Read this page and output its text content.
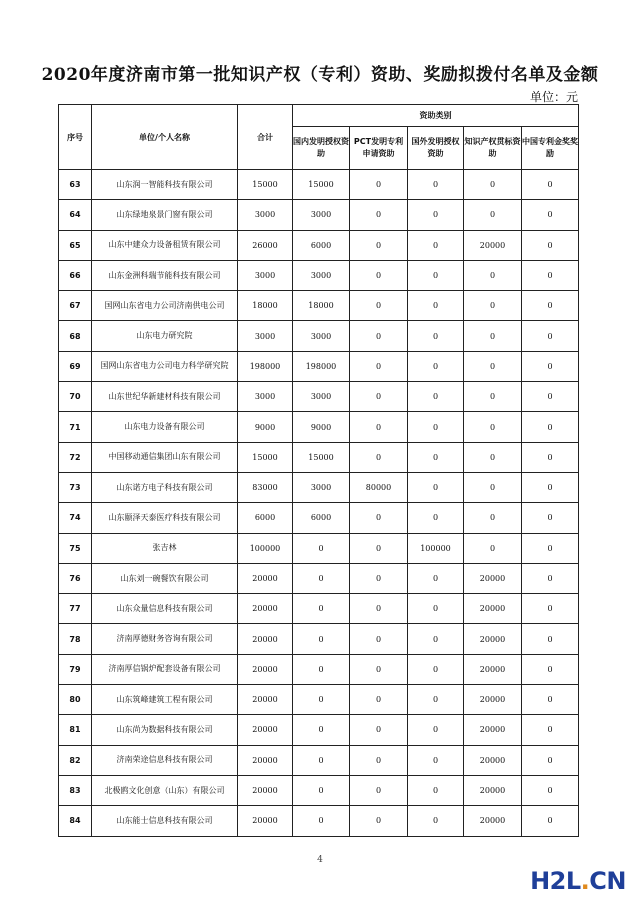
2020年度济南市第一批知识产权（专利）资助、奖励拟拨付名单及金额
单位：元
序号	单位/个人名称	合计	资助类别				
			国内发明授权资助	PCT发明专利申请资助	国外发明授权资助	知识产权贯标资助	中国专利金奖奖励
63	山东润一智能科技有限公司	15000	15000	0	0	0	0
64	山东绿地泉景门窗有限公司	3000	3000	0	0	0	0
65	山东中建众力设备租赁有限公司	26000	6000	0	0	20000	0
66	山东金洲科瑞节能科技有限公司	3000	3000	0	0	0	0
67	国网山东省电力公司济南供电公司	18000	18000	0	0	0	0
68	山东电力研究院	3000	3000	0	0	0	0
69	国网山东省电力公司电力科学研究院	198000	198000	0	0	0	0
70	山东世纪华新建材科技有限公司	3000	3000	0	0	0	0
71	山东电力设备有限公司	9000	9000	0	0	0	0
72	中国移动通信集团山东有限公司	15000	15000	0	0	0	0
73	山东诺方电子科技有限公司	83000	3000	80000	0	0	0
74	山东颐泽天泰医疗科技有限公司	6000	6000	0	0	0	0
75	张吉林	100000	0	0	100000	0	0
76	山东刘一碗餐饮有限公司	20000	0	0	0	20000	0
77	山东众量信息科技有限公司	20000	0	0	0	20000	0
78	济南厚德财务咨询有限公司	20000	0	0	0	20000	0
79	济南厚信锅炉配套设备有限公司	20000	0	0	0	20000	0
80	山东筑峰建筑工程有限公司	20000	0	0	0	20000	0
81	山东尚为数据科技有限公司	20000	0	0	0	20000	0
82	济南荣途信息科技有限公司	20000	0	0	0	20000	0
83	北极鸥文化创意（山东）有限公司	20000	0	0	0	20000	0
84	山东能士信息科技有限公司	20000	0	0	0	20000	0
4
H2L.CN
